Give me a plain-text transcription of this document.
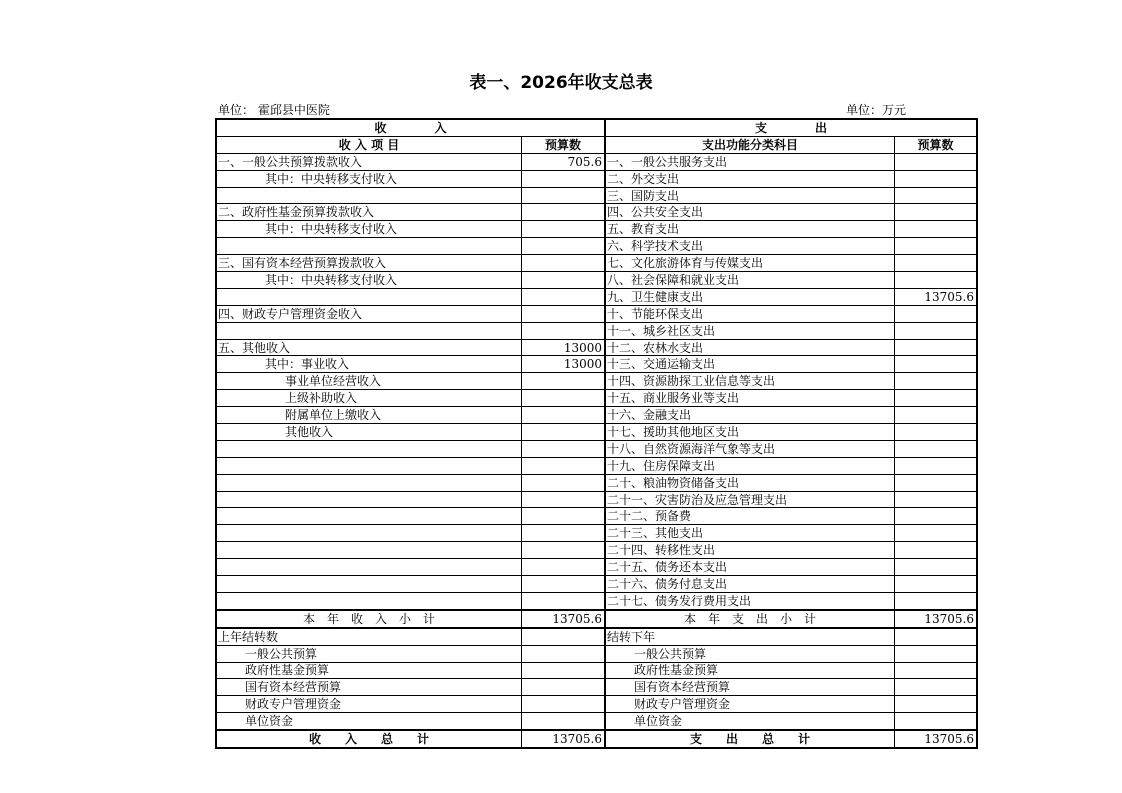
表一、2026年收支总表
单位： 霍邱县中医院	单位：万元
收　　　　入		支　　　　出	
收 入 项 目	预算数	支出功能分类科目	预算数
一、一般公共预算拨款收入	705.6	一、一般公共服务支出	
其中：中央转移支付收入		二、外交支出	
		三、国防支出	
二、政府性基金预算拨款收入		四、公共安全支出	
其中：中央转移支付收入		五、教育支出	
		六、科学技术支出	
三、国有资本经营预算拨款收入		七、文化旅游体育与传媒支出	
其中：中央转移支付收入		八、社会保障和就业支出	
		九、卫生健康支出	13705.6
四、财政专户管理资金收入		十、节能环保支出	
		十一、城乡社区支出	
五、其他收入	13000	十二、农林水支出	
其中：事业收入	13000	十三、交通运输支出	
事业单位经营收入		十四、资源勘探工业信息等支出	
上级补助收入		十五、商业服务业等支出	
附属单位上缴收入		十六、金融支出	
其他收入		十七、援助其他地区支出	
		十八、自然资源海洋气象等支出	
		十九、住房保障支出	
		二十、粮油物资储备支出	
		二十一、灾害防治及应急管理支出	
		二十二、预备费	
		二十三、其他支出	
		二十四、转移性支出	
		二十五、债务还本支出	
		二十六、债务付息支出	
		二十七、债务发行费用支出	
本　年　收　入　小　计	13705.6	本　年　支　出　小　计	13705.6
上年结转数		结转下年	
一般公共预算		一般公共预算	
政府性基金预算		政府性基金预算	
国有资本经营预算		国有资本经营预算	
财政专户管理资金		财政专户管理资金	
单位资金		单位资金	
收　　入　　总　　计	13705.6	支　　出　　总　　计	13705.6
